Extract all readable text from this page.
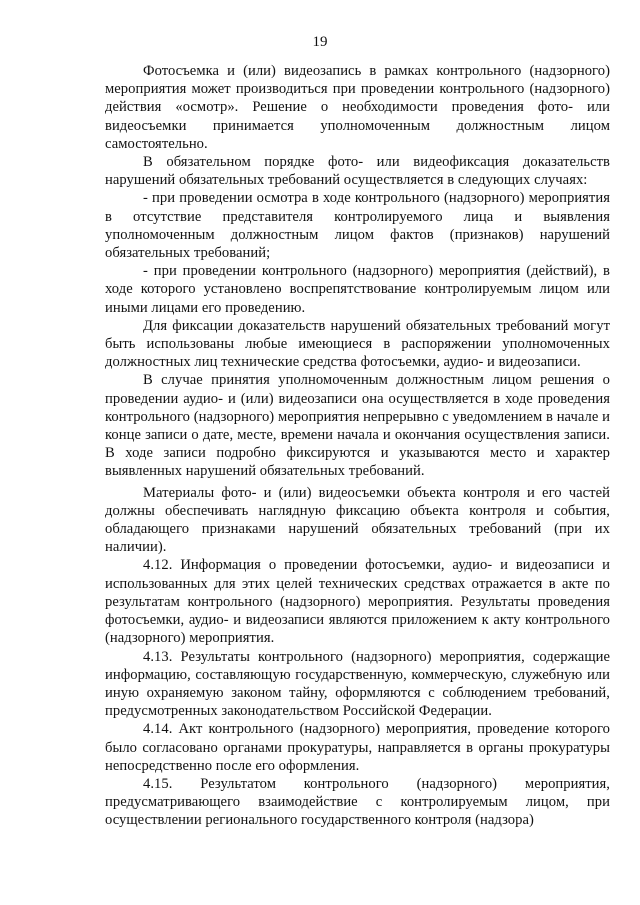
19

Фотосъемка и (или) видеозапись в рамках контрольного (надзорного) мероприятия может производиться при проведении контрольного (надзорного) действия «осмотр». Решение о необходимости проведения фото- или видеосъемки принимается уполномоченным должностным лицом самостоятельно.

В обязательном порядке фото- или видеофиксация доказательств нарушений обязательных требований осуществляется в следующих случаях:

- при проведении осмотра в ходе контрольного (надзорного) мероприятия в отсутствие представителя контролируемого лица и выявления уполномоченным должностным лицом фактов (признаков) нарушений обязательных требований;

- при проведении контрольного (надзорного) мероприятия (действий), в ходе которого установлено воспрепятствование контролируемым лицом или иными лицами его проведению.

Для фиксации доказательств нарушений обязательных требований могут быть использованы любые имеющиеся в распоряжении уполномоченных должностных лиц технические средства фотосъемки, аудио- и видеозаписи.

В случае принятия уполномоченным должностным лицом решения о проведении аудио- и (или) видеозаписи она осуществляется в ходе проведения контрольного (надзорного) мероприятия непрерывно с уведомлением в начале и конце записи о дате, месте, времени начала и окончания осуществления записи. В ходе записи подробно фиксируются и указываются место и характер выявленных нарушений обязательных требований.

Материалы фото- и (или) видеосъемки объекта контроля и его частей должны обеспечивать наглядную фиксацию объекта контроля и события, обладающего признаками нарушений обязательных требований (при их наличии).

4.12. Информация о проведении фотосъемки, аудио- и видеозаписи и использованных для этих целей технических средствах отражается в акте по результатам контрольного (надзорного) мероприятия. Результаты проведения фотосъемки, аудио- и видеозаписи являются приложением к акту контрольного (надзорного) мероприятия.

4.13. Результаты контрольного (надзорного) мероприятия, содержащие информацию, составляющую государственную, коммерческую, служебную или иную охраняемую законом тайну, оформляются с соблюдением требований, предусмотренных законодательством Российской Федерации.

4.14. Акт контрольного (надзорного) мероприятия, проведение которого было согласовано органами прокуратуры, направляется в органы прокуратуры непосредственно после его оформления.

4.15. Результатом контрольного (надзорного) мероприятия, предусматривающего взаимодействие с контролируемым лицом, при осуществлении регионального государственного контроля (надзора)
